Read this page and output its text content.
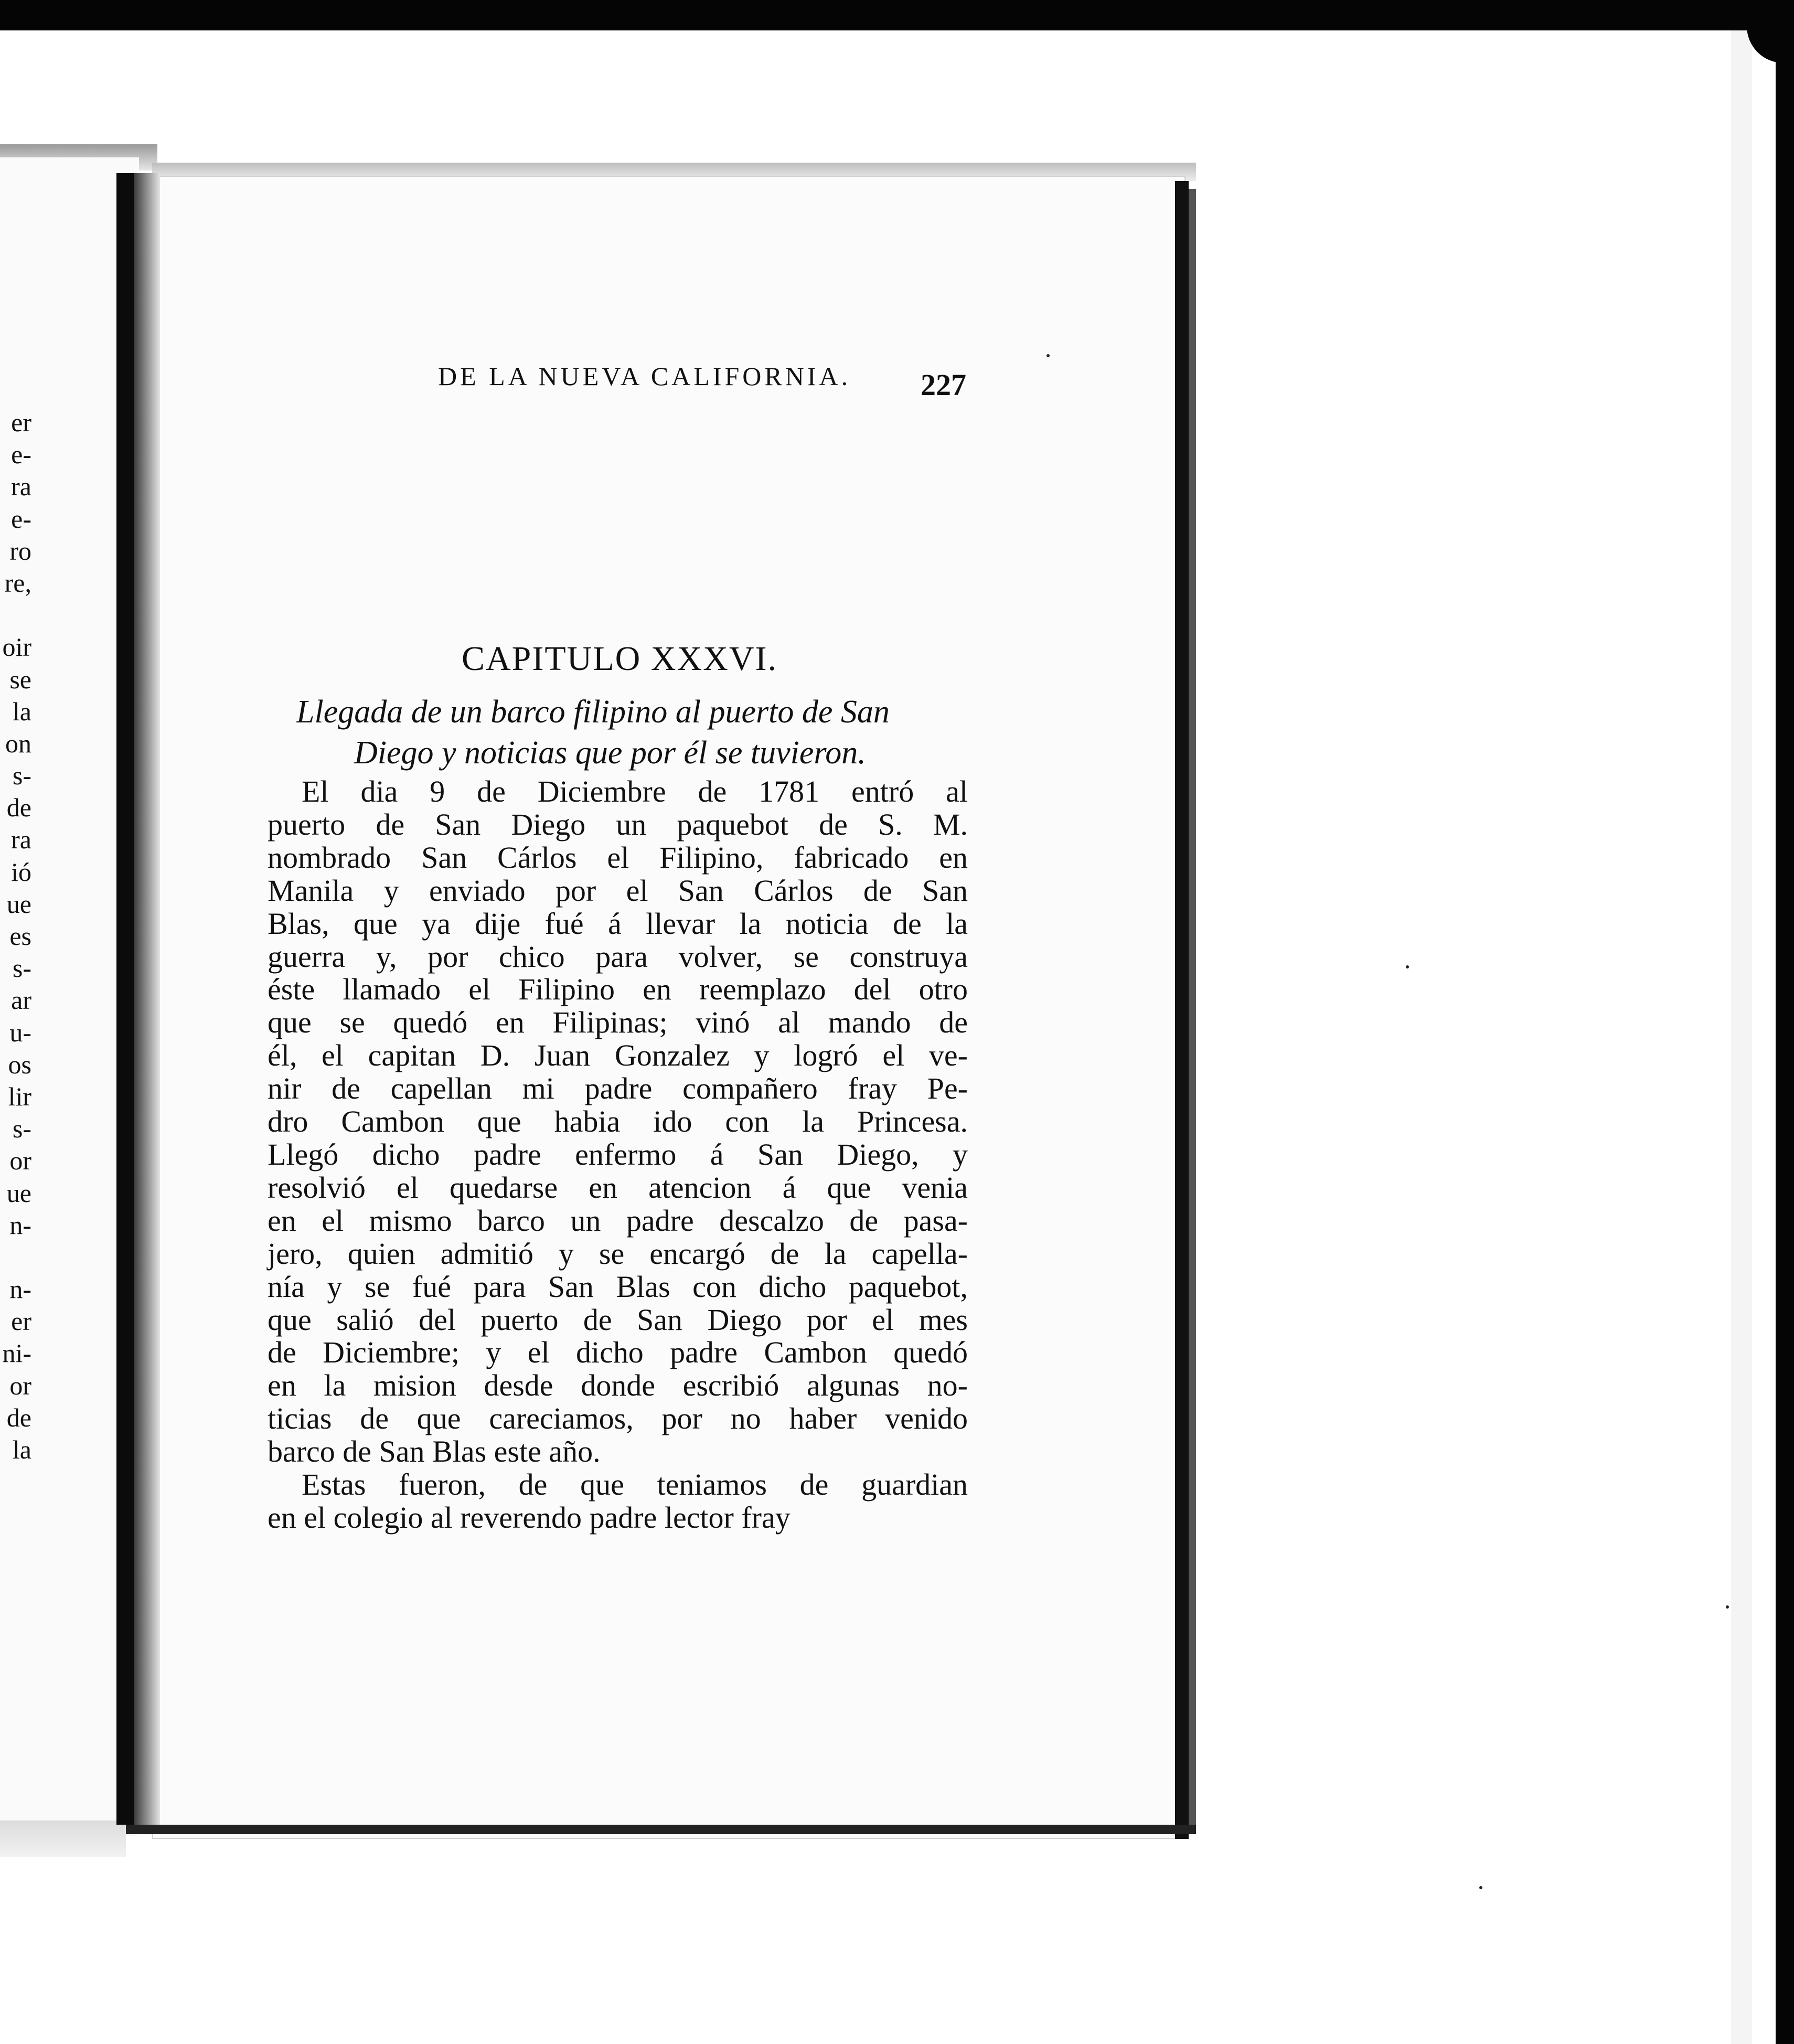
er
e-
ra
e-
ro
re,
oir
se
la
on
s-
de
ra
ió
ue
es
s-
ar
u-
os
lir
s-
or
ue
n-
n-
er
ni-
or
de
la
DE LA NUEVA CALIFORNIA. 227
CAPITULO XXXVI.
Llegada de un barco filipino al puerto de San
Diego y noticias que por él se tuvieron.
El dia 9 de Diciembre de 1781 entró al
puerto de San Diego un paquebot de S. M.
nombrado San Cárlos el Filipino, fabricado en
Manila y enviado por el San Cárlos de San
Blas, que ya dije fué á llevar la noticia de la
guerra y, por chico para volver, se construya
éste llamado el Filipino en reemplazo del otro
que se quedó en Filipinas; vinó al mando de
él, el capitan D. Juan Gonzalez y logró el ve-
nir de capellan mi padre compañero fray Pe-
dro Cambon que habia ido con la Princesa.
Llegó dicho padre enfermo á San Diego, y
resolvió el quedarse en atencion á que venia
en el mismo barco un padre descalzo de pasa-
jero, quien admitió y se encargó de la capella-
nía y se fué para San Blas con dicho paquebot,
que salió del puerto de San Diego por el mes
de Diciembre; y el dicho padre Cambon quedó
en la mision desde donde escribió algunas no-
ticias de que careciamos, por no haber venido
barco de San Blas este año.
Estas fueron, de que teniamos de guardian
en el colegio al reverendo padre lector fray
